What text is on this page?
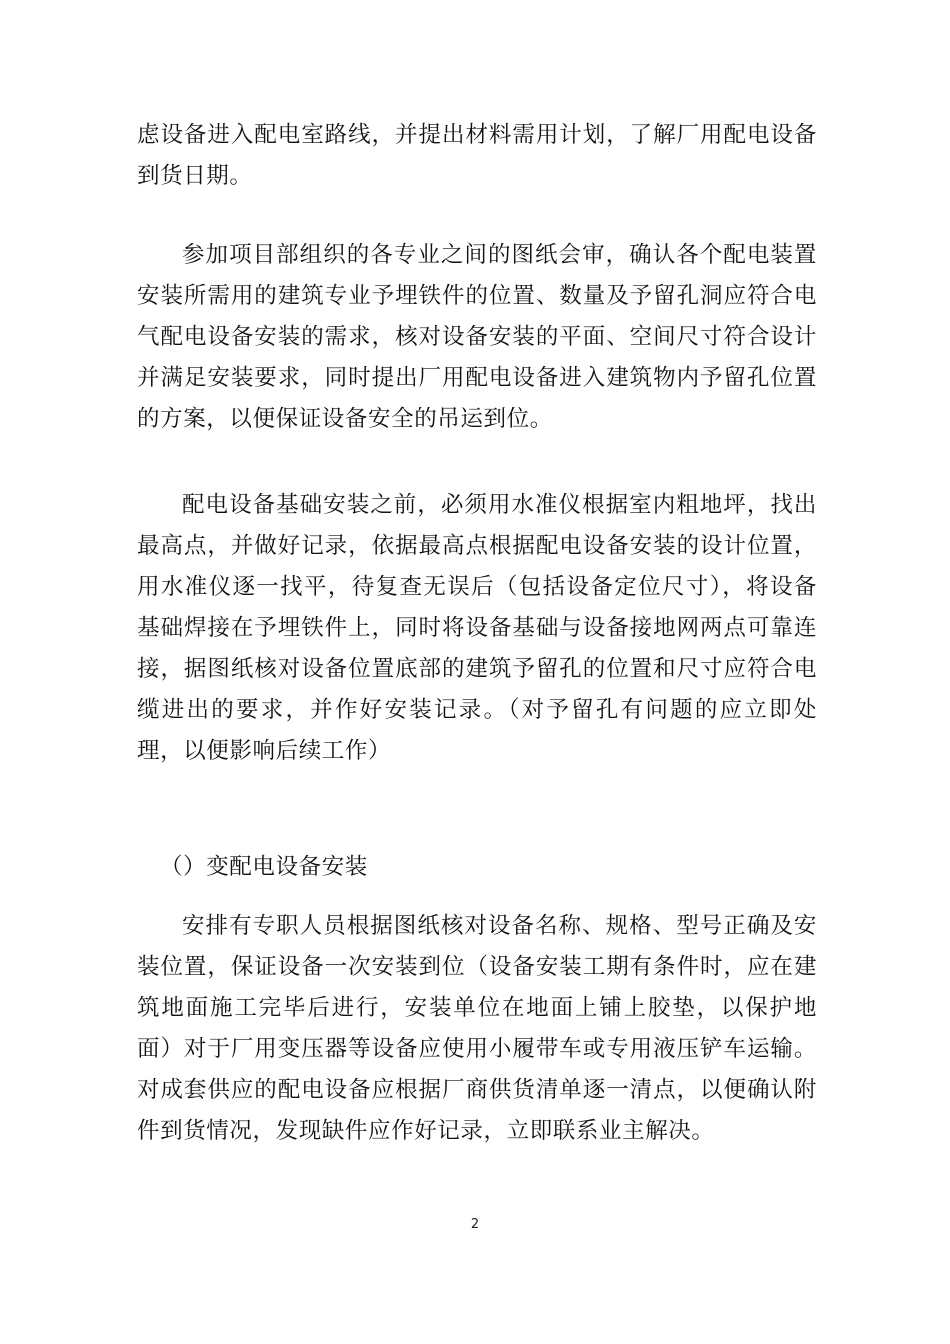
虑设备进入配电室路线，并提出材料需用计划，了解厂用配电设备到货日期。

参加项目部组织的各专业之间的图纸会审，确认各个配电装置安装所需用的建筑专业予埋铁件的位置、数量及予留孔洞应符合电气配电设备安装的需求，核对设备安装的平面、空间尺寸符合设计并满足安装要求，同时提出厂用配电设备进入建筑物内予留孔位置的方案，以便保证设备安全的吊运到位。

配电设备基础安装之前，必须用水准仪根据室内粗地坪，找出最高点，并做好记录，依据最高点根据配电设备安装的设计位置，用水准仪逐一找平，待复查无误后（包括设备定位尺寸），将设备基础焊接在予埋铁件上，同时将设备基础与设备接地网两点可靠连接，据图纸核对设备位置底部的建筑予留孔的位置和尺寸应符合电缆进出的要求，并作好安装记录。（对予留孔有问题的应立即处理，以便影响后续工作）

（）变配电设备安装

安排有专职人员根据图纸核对设备名称、规格、型号正确及安装位置，保证设备一次安装到位（设备安装工期有条件时，应在建筑地面施工完毕后进行，安装单位在地面上铺上胶垫，以保护地面）对于厂用变压器等设备应使用小履带车或专用液压铲车运输。对成套供应的配电设备应根据厂商供货清单逐一清点，以便确认附件到货情况，发现缺件应作好记录，立即联系业主解决。

2
